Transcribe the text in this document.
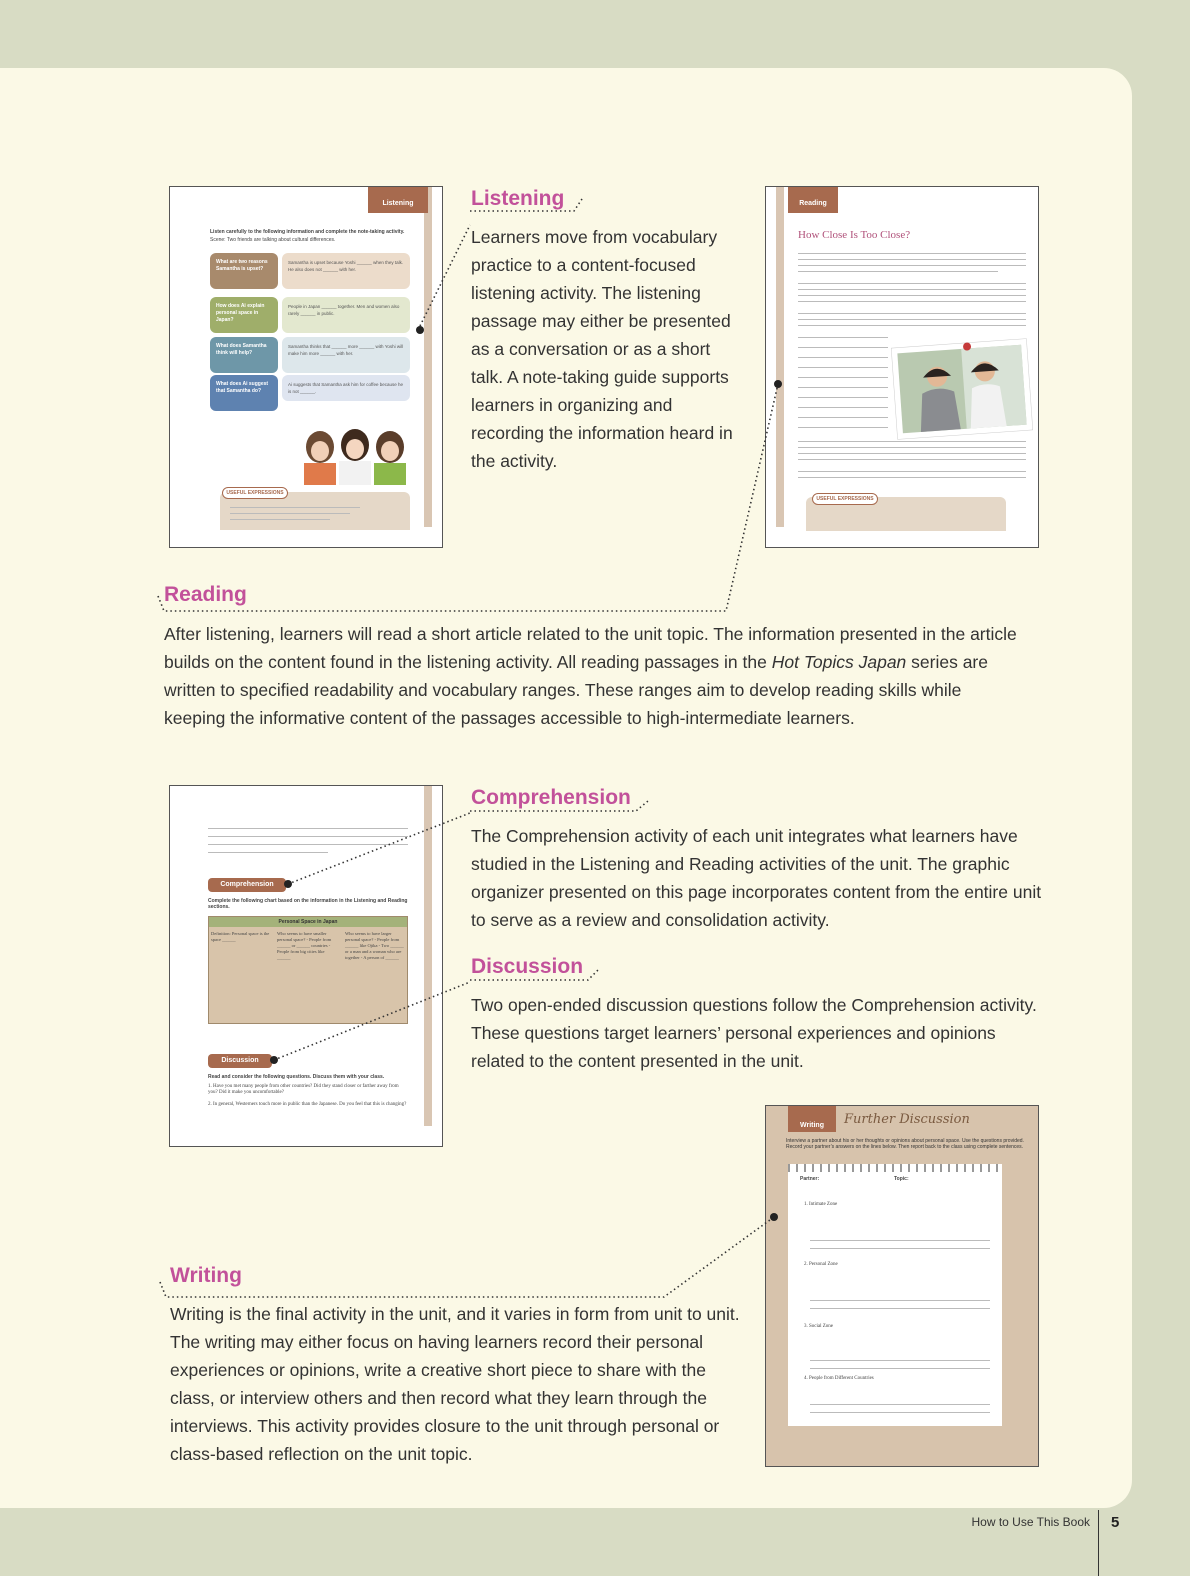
Listening
Listen carefully to the following information and complete the note-taking activity.
Scene: Two friends are talking about cultural differences.
What are two reasons Samantha is upset?
Samantha is upset because Yoshi ______ when they talk. He also does not ______ with her.
How does Ai explain personal space in Japan?
People in Japan ______ together. Men and women also rarely ______ in public.
What does Samantha think will help?
Samantha thinks that ______ more ______ with Yoshi will make him more ______ with her.
What does Ai suggest that Samantha do?
Ai suggests that Samantha ask him for coffee because he is not ______.
USEFUL EXPRESSIONS
Reading
How Close Is Too Close?
USEFUL EXPRESSIONS
Comprehension
Complete the following chart based on the information in the Listening and Reading sections.
Personal Space in Japan
Definition: Personal space is the space ______
Who seems to have smaller personal space? - People from ______ or ______ countries - People from big cities like ______
Who seems to have larger personal space? - People from ______ like Ojika - Two ______ or a man and a woman who are together - A person of ______
Discussion
Read and consider the following questions. Discuss them with your class.
1. Have you met many people from other countries? Did they stand closer or farther away from you? Did it make you uncomfortable?
2. In general, Westerners touch more in public than the Japanese. Do you feel that this is changing?
Writing	Further Discussion
Interview a partner about his or her thoughts or opinions about personal space. Use the questions provided. Record your partner’s answers on the lines below. Then report back to the class using complete sentences.
Partner:	Topic:
1. Intimate Zone
2. Personal Zone
3. Social Zone
4. People from Different Countries
Listening
Learners move from vocabulary practice to a content-focused listening activity. The listening passage may either be presented as a conversation or as a short talk. A note-taking guide supports learners in organizing and recording the information heard in the activity.
Reading
After listening, learners will read a short article related to the unit topic. The information presented in the article builds on the content found in the listening activity. All reading passages in the Hot Topics Japan series are written to specified readability and vocabulary ranges. These ranges aim to develop reading skills while keeping the informative content of the passages accessible to high-intermediate learners.
Comprehension
The Comprehension activity of each unit integrates what learners have studied in the Listening and Reading activities of the unit. The graphic organizer presented on this page incorporates content from the entire unit to serve as a review and consolidation activity.
Discussion
Two open-ended discussion questions follow the Comprehension activity. These questions target learners’ personal experiences and opinions related to the content presented in the unit.
Writing
Writing is the final activity in the unit, and it varies in form from unit to unit. The writing may either focus on having learners record their personal experiences or opinions, write a creative short piece to share with the class, or interview others and then record what they learn through the interviews. This activity provides closure to the unit through personal or class-based reflection on the unit topic.
How to Use This Book 5
